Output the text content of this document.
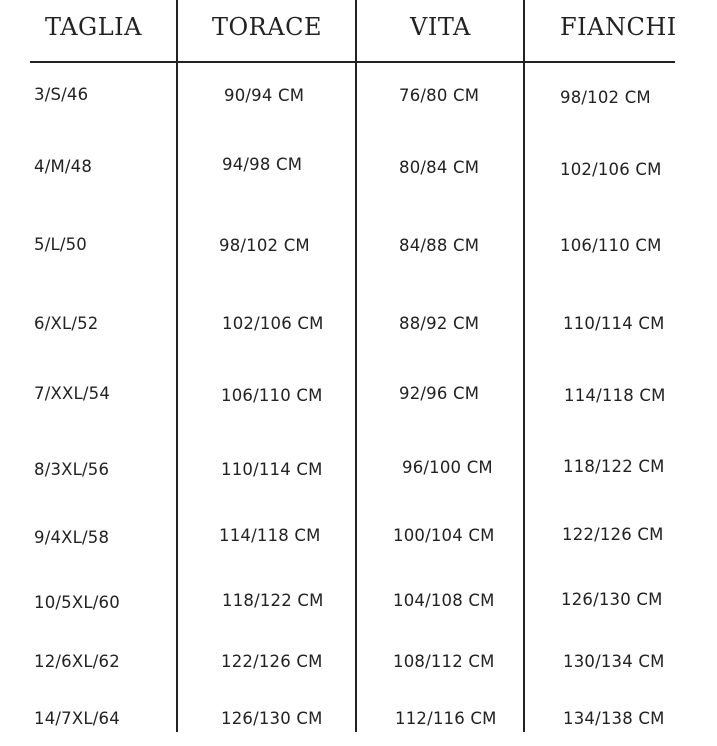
TAGLIA	TORACE	VITA	FIANCHI
3/S/46	90/94 CM	76/80 CM	98/102 CM
4/M/48	94/98 CM	80/84 CM	102/106 CM
5/L/50	98/102 CM	84/88 CM	106/110 CM
6/XL/52	102/106 CM	88/92 CM	110/114 CM
7/XXL/54	106/110 CM	92/96 CM	114/118 CM
8/3XL/56	110/114 CM	96/100 CM	118/122 CM
9/4XL/58	114/118 CM	100/104 CM	122/126 CM
10/5XL/60	118/122 CM	104/108 CM	126/130 CM
12/6XL/62	122/126 CM	108/112 CM	130/134 CM
14/7XL/64	126/130 CM	112/116 CM	134/138 CM
